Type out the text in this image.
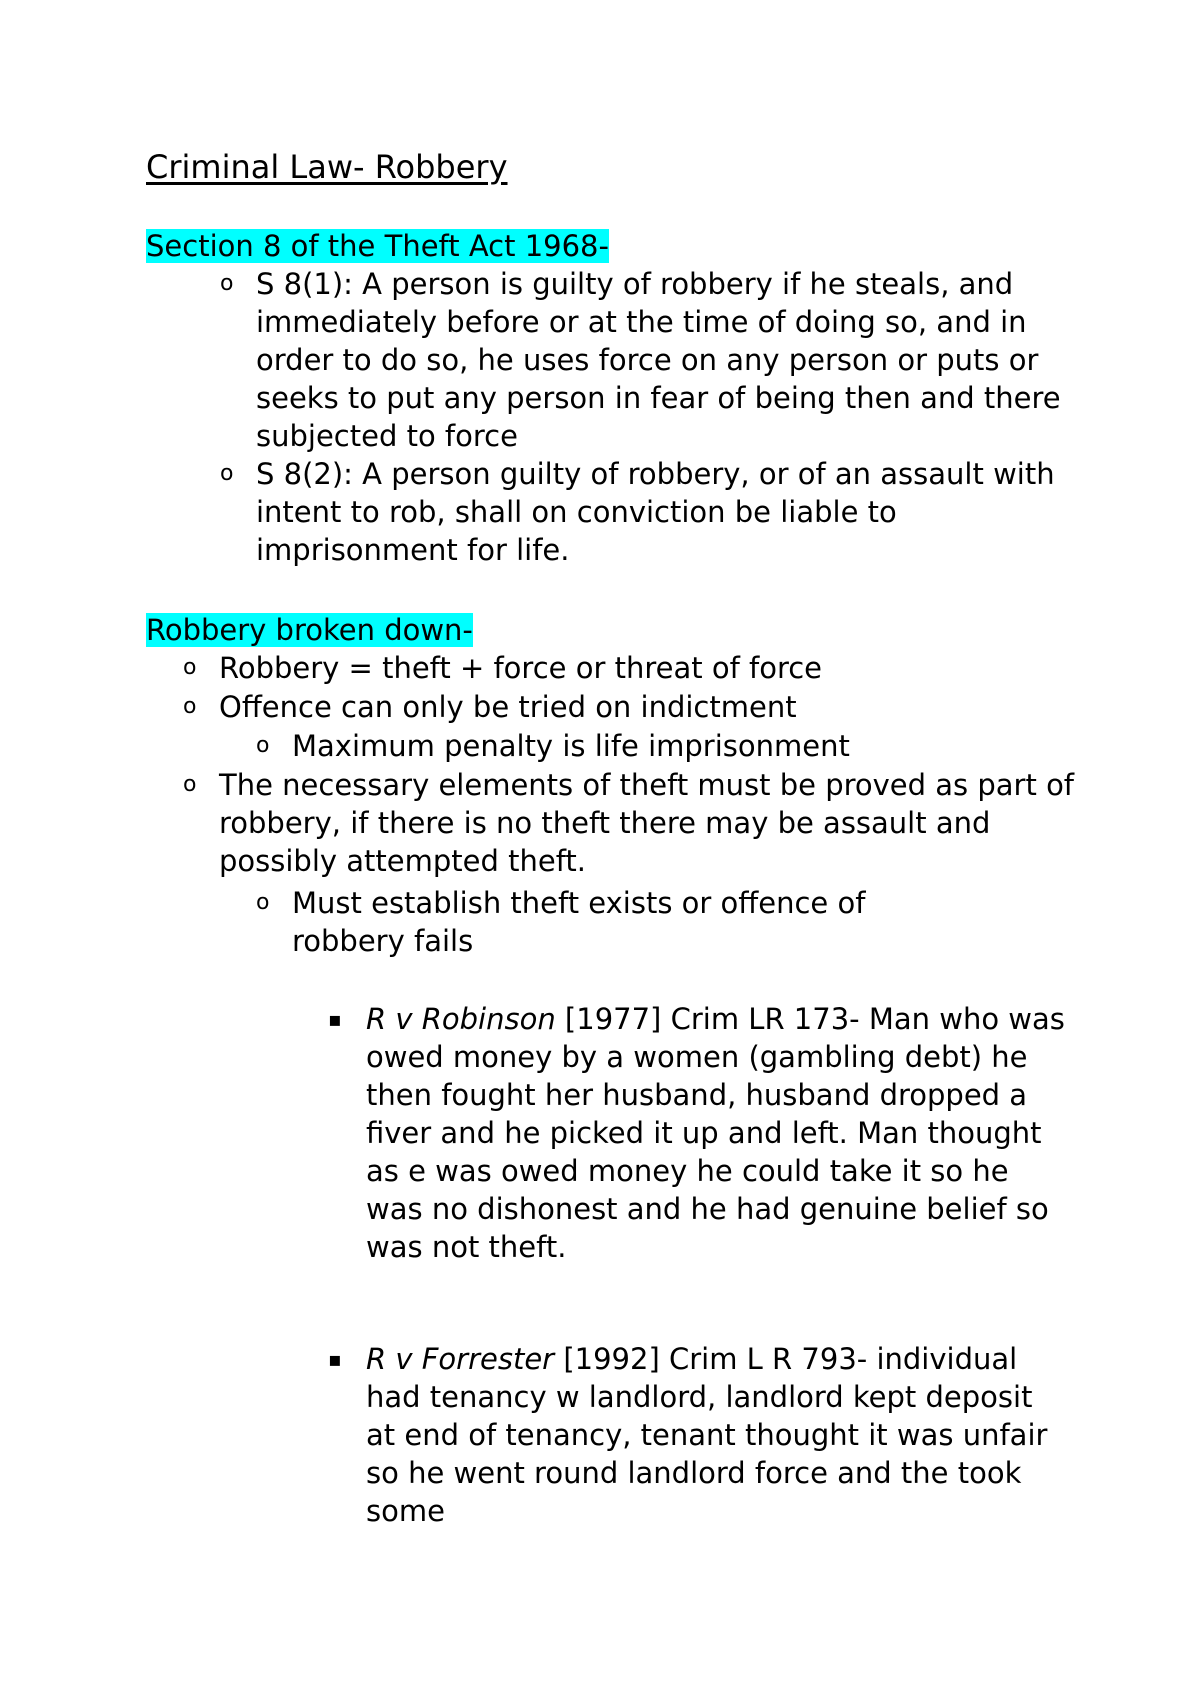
Criminal Law- Robbery
Section 8 of the Theft Act 1968-
o S 8(1): A person is guilty of robbery if he steals, and immediately before or at the time of doing so, and in order to do so, he uses force on any person or puts or seeks to put any person in fear of being then and there subjected to force
o S 8(2): A person guilty of robbery, or of an assault with intent to rob, shall on conviction be liable to imprisonment for life.
Robbery broken down-
o Robbery = theft + force or threat of force
o Offence can only be tried on indictment
o Maximum penalty is life imprisonment
o The necessary elements of theft must be proved as part of robbery, if there is no theft there may be assault and possibly attempted theft.
o Must establish theft exists or offence of robbery fails
▪ R v Robinson [1977] Crim LR 173- Man who was owed money by a women (gambling debt) he then fought her husband, husband dropped a fiver and he picked it up and left. Man thought as e was owed money he could take it so he was no dishonest and he had genuine belief so was not theft.
▪ R v Forrester [1992] Crim L R 793- individual had tenancy w landlord, landlord kept deposit at end of tenancy, tenant thought it was unfair so he went round landlord force and the took some
